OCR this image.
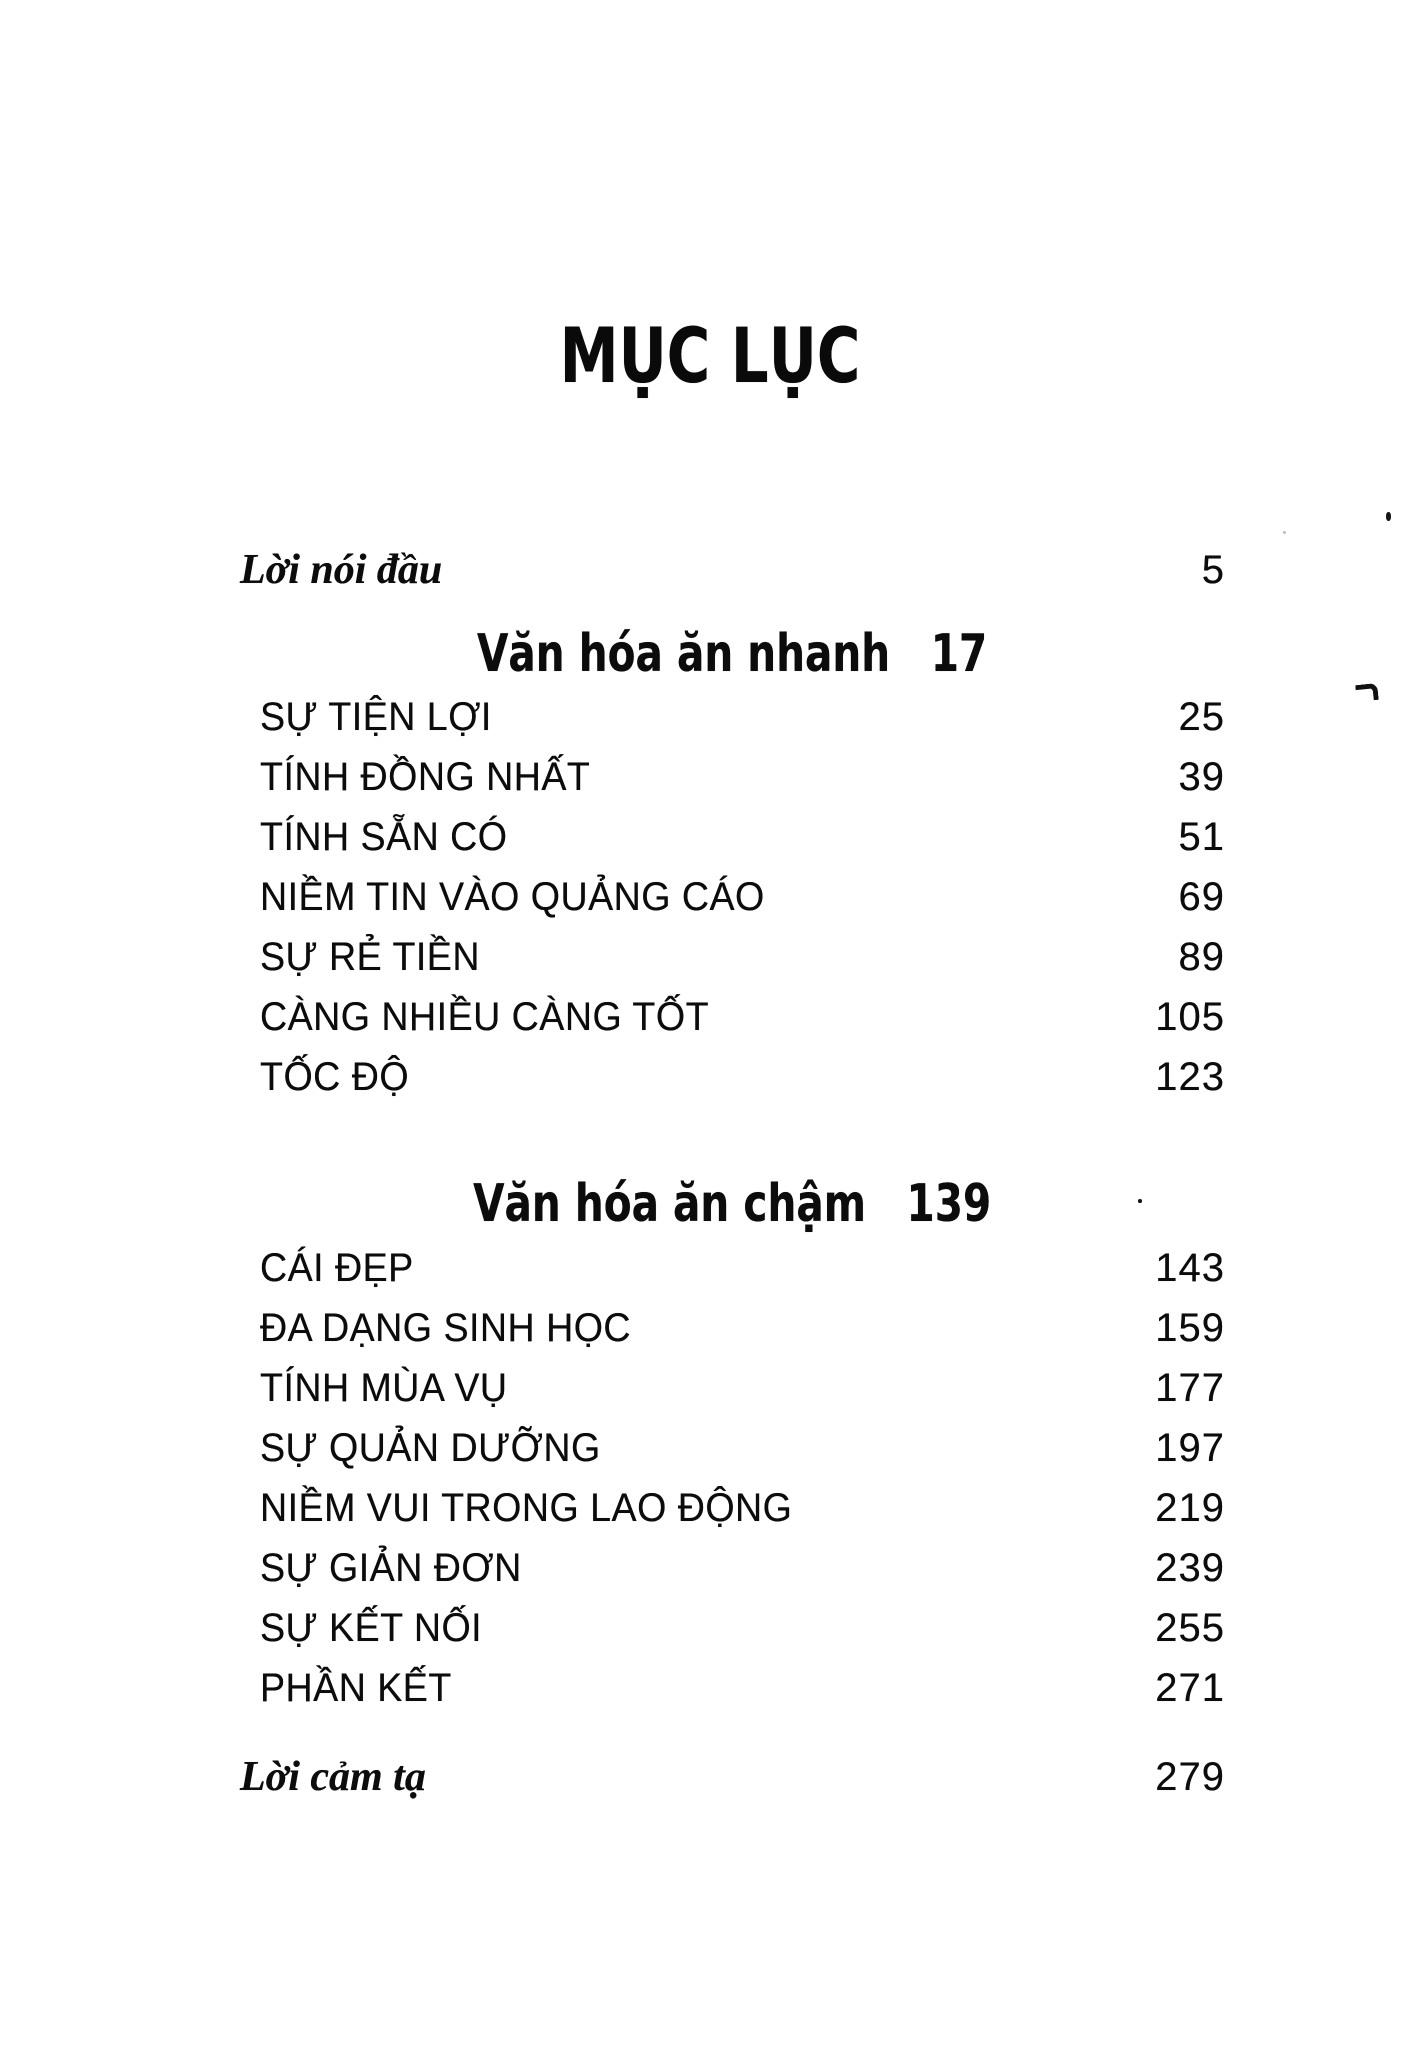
MỤC LỤC
Lời nói đầu	5
Văn hóa ăn nhanh 17
SỰ TIỆN LỢI	25
TÍNH ĐỒNG NHẤT	39
TÍNH SẴN CÓ	51
NIỀM TIN VÀO QUẢNG CÁO	69
SỰ RẺ TIỀN	89
CÀNG NHIỀU CÀNG TỐT	105
TỐC ĐỘ	123
Văn hóa ăn chậm 139
CÁI ĐẸP	143
ĐA DẠNG SINH HỌC	159
TÍNH MÙA VỤ	177
SỰ QUẢN DƯỠNG	197
NIỀM VUI TRONG LAO ĐỘNG	219
SỰ GIẢN ĐƠN	239
SỰ KẾT NỐI	255
PHẦN KẾT	271
Lời cảm tạ	279
